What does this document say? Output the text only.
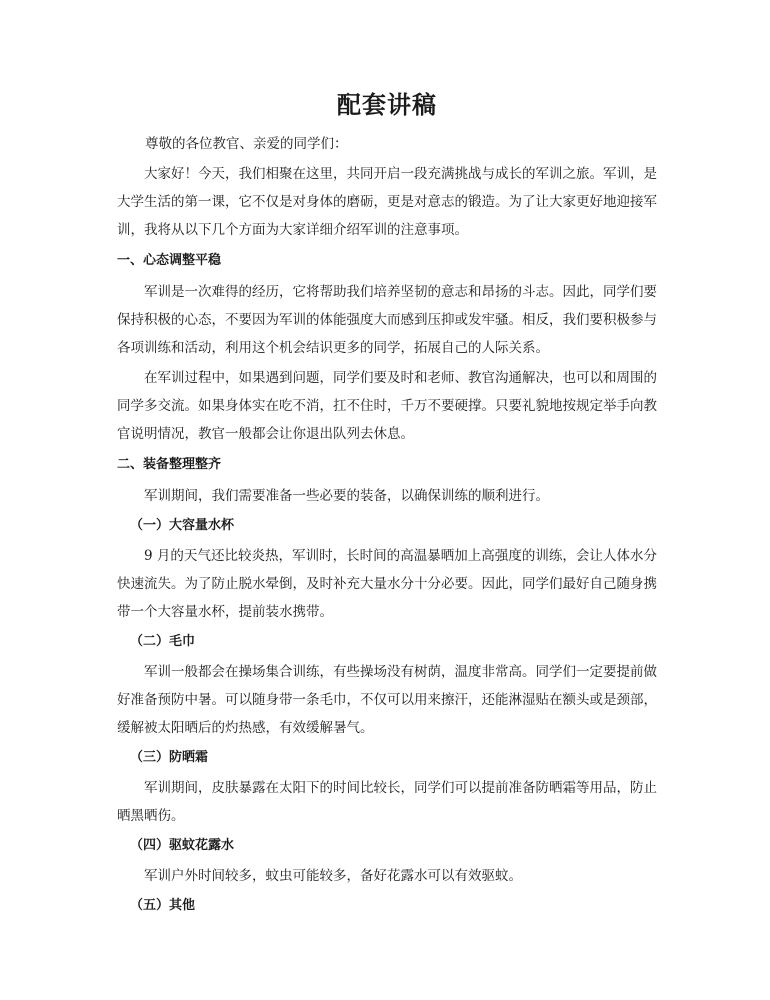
配套讲稿

尊敬的各位教官、亲爱的同学们：

大家好！今天，我们相聚在这里，共同开启一段充满挑战与成长的军训之旅。军训，是大学生活的第一课，它不仅是对身体的磨砺，更是对意志的锻造。为了让大家更好地迎接军训，我将从以下几个方面为大家详细介绍军训的注意事项。

一、心态调整平稳

军训是一次难得的经历，它将帮助我们培养坚韧的意志和昂扬的斗志。因此，同学们要保持积极的心态，不要因为军训的体能强度大而感到压抑或发牢骚。相反，我们要积极参与各项训练和活动，利用这个机会结识更多的同学，拓展自己的人际关系。

在军训过程中，如果遇到问题，同学们要及时和老师、教官沟通解决，也可以和周围的同学多交流。如果身体实在吃不消，扛不住时，千万不要硬撑。只要礼貌地按规定举手向教官说明情况，教官一般都会让你退出队列去休息。

二、装备整理整齐

军训期间，我们需要准备一些必要的装备，以确保训练的顺利进行。

（一）大容量水杯

9 月的天气还比较炎热，军训时，长时间的高温暴晒加上高强度的训练，会让人体水分快速流失。为了防止脱水晕倒，及时补充大量水分十分必要。因此，同学们最好自己随身携带一个大容量水杯，提前装水携带。

（二）毛巾

军训一般都会在操场集合训练，有些操场没有树荫，温度非常高。同学们一定要提前做好准备预防中暑。可以随身带一条毛巾，不仅可以用来擦汗，还能淋湿贴在额头或是颈部，缓解被太阳晒后的灼热感，有效缓解暑气。

（三）防晒霜

军训期间，皮肤暴露在太阳下的时间比较长，同学们可以提前准备防晒霜等用品，防止晒黑晒伤。

（四）驱蚊花露水

军训户外时间较多，蚊虫可能较多，备好花露水可以有效驱蚊。

（五）其他
